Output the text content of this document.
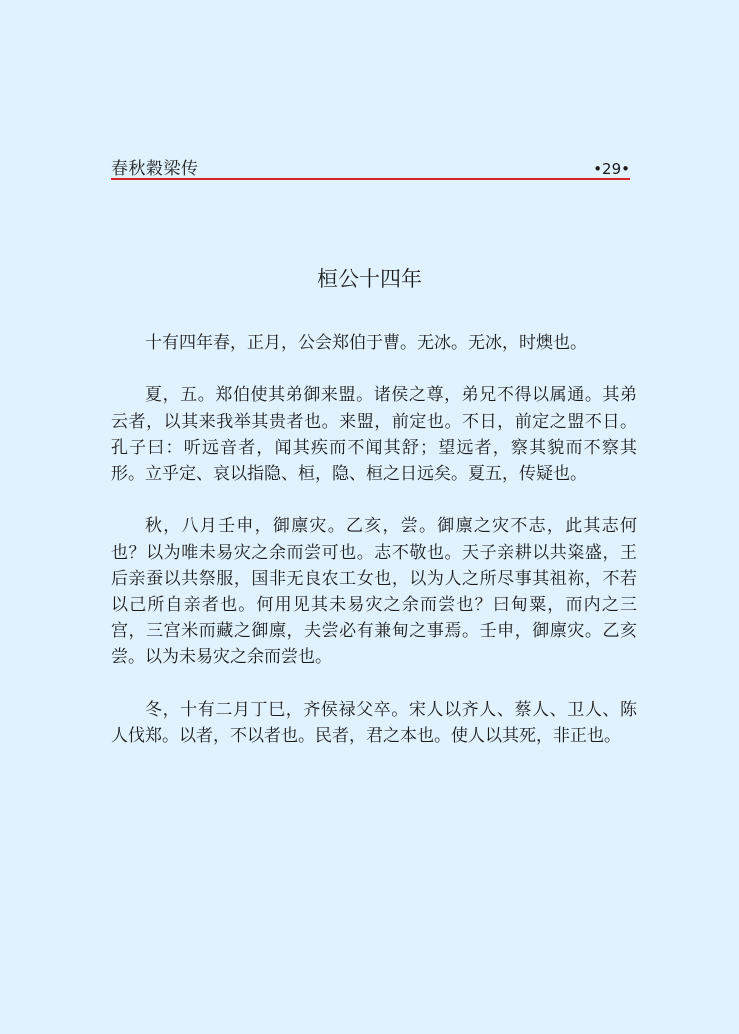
春秋穀梁传	•29•
桓公十四年

十有四年春，正月，公会郑伯于曹。无冰。无冰，时燠也。

夏，五。郑伯使其弟御来盟。诸侯之尊，弟兄不得以属通。其弟云者，以其来我举其贵者也。来盟，前定也。不日，前定之盟不日。孔子曰：听远音者，闻其疾而不闻其舒；望远者，察其貌而不察其形。立乎定、哀以指隐、桓，隐、桓之日远矣。夏五，传疑也。

秋，八月壬申，御廪灾。乙亥，尝。御廪之灾不志，此其志何也？以为唯未易灾之余而尝可也。志不敬也。天子亲耕以共粢盛，王后亲蚕以共祭服，国非无良农工女也，以为人之所尽事其祖祢，不若以己所自亲者也。何用见其未易灾之余而尝也？曰甸粟，而内之三宫，三宫米而藏之御廪，夫尝必有兼甸之事焉。壬申，御廪灾。乙亥尝。以为未易灾之余而尝也。

冬，十有二月丁巳，齐侯禄父卒。宋人以齐人、蔡人、卫人、陈人伐郑。以者，不以者也。民者，君之本也。使人以其死，非正也。
